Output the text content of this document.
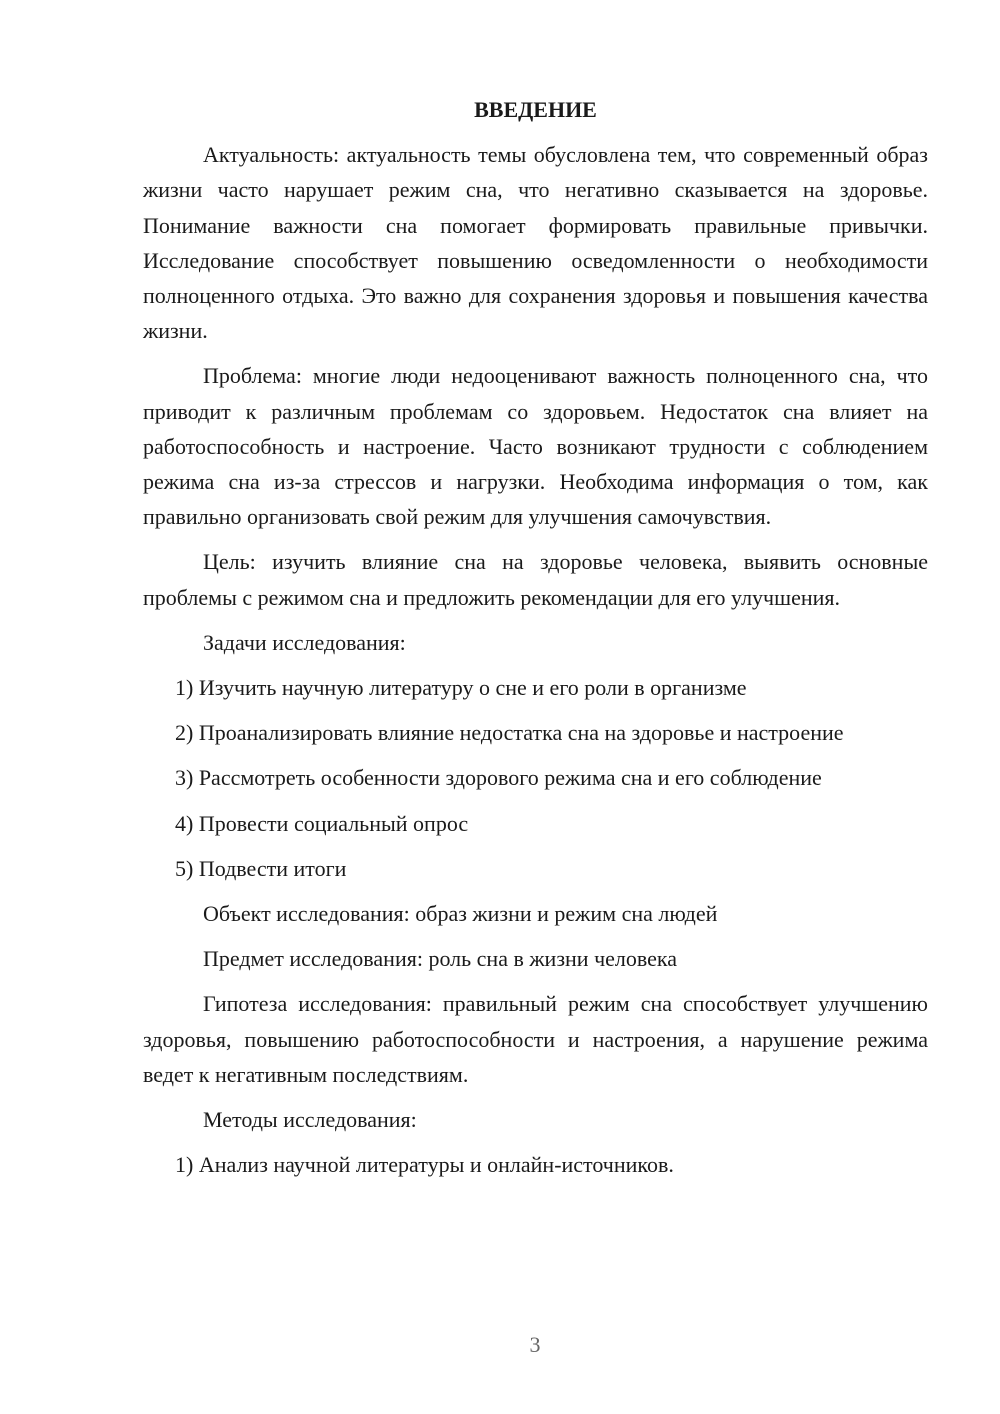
ВВЕДЕНИЕ

Актуальность: актуальность темы обусловлена тем, что современный образ жизни часто нарушает режим сна, что негативно сказывается на здоровье. Понимание важности сна помогает формировать правильные привычки. Исследование способствует повышению осведомленности о необходимости полноценного отдыха. Это важно для сохранения здоровья и повышения качества жизни.

Проблема: многие люди недооценивают важность полноценного сна, что приводит к различным проблемам со здоровьем. Недостаток сна влияет на работоспособность и настроение. Часто возникают трудности с соблюдением режима сна из-за стрессов и нагрузки. Необходима информация о том, как правильно организовать свой режим для улучшения самочувствия.

Цель: изучить влияние сна на здоровье человека, выявить основные проблемы с режимом сна и предложить рекомендации для его улучшения.

Задачи исследования:

1) Изучить научную литературу о сне и его роли в организме

2) Проанализировать влияние недостатка сна на здоровье и настроение

3) Рассмотреть особенности здорового режима сна и его соблюдение

4) Провести социальный опрос

5) Подвести итоги

Объект исследования: образ жизни и режим сна людей

Предмет исследования: роль сна в жизни человека

Гипотеза исследования: правильный режим сна способствует улучшению здоровья, повышению работоспособности и настроения, а нарушение режима ведет к негативным последствиям.

Методы исследования:

1) Анализ научной литературы и онлайн-источников.

3
